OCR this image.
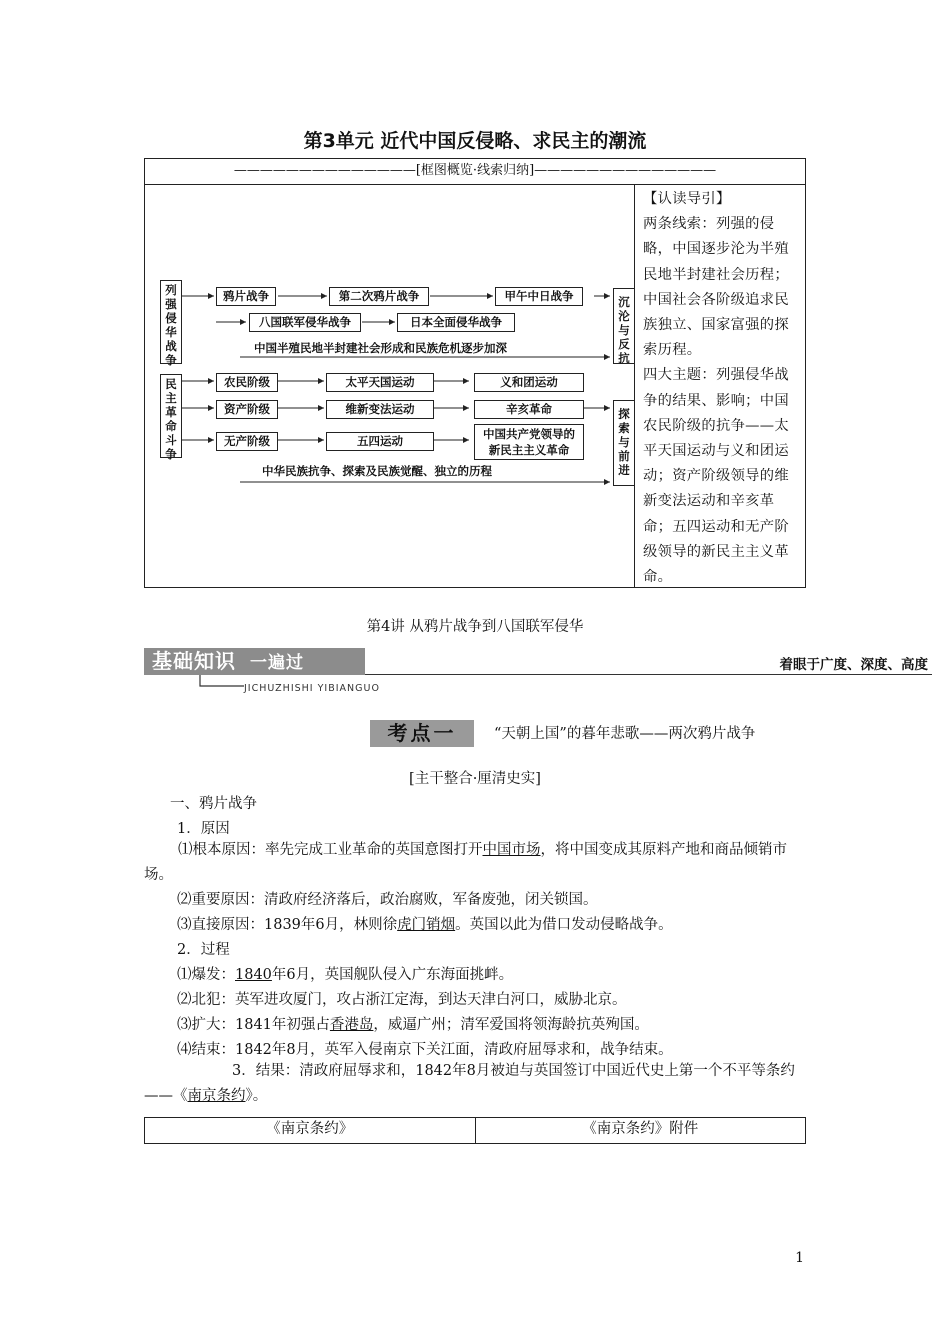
第3单元 近代中国反侵略、求民主的潮流
——————————————[框图概览·线索归纳]——————————————
列强侵华战争
民主革命斗争
沉沦与反抗
探索与前进
鸦片战争	第二次鸦片战争	甲午中日战争
八国联军侵华战争	日本全面侵华战争
中国半殖民地半封建社会形成和民族危机逐步加深
农民阶级
资产阶级
无产阶级
太平天国运动	义和团运动
维新变法运动	辛亥革命
五四运动	中国共产党领导的新民主主义革命
中华民族抗争、探索及民族觉醒、独立的历程

【认读导引】

两条线索：列强的侵略，中国逐步沦为半殖民地半封建社会历程；中国社会各阶级追求民族独立、国家富强的探索历程。

四大主题：列强侵华战争的结果、影响；中国农民阶级的抗争——太平天国运动与义和团运动；资产阶级领导的维新变法运动和辛亥革命；五四运动和无产阶级领导的新民主主义革命。

第4讲 从鸦片战争到八国联军侵华
基础知识 一遍过	着眼于广度、深度、高度
JICHUZHISHI YIBIANGUO
考点一	“天朝上国”的暮年悲歌——两次鸦片战争
[主干整合·厘清史实]
一、鸦片战争
1．原因
⑴根本原因：率先完成工业革命的英国意图打开中国市场，将中国变成其原料产地和商品倾销市场。
⑵重要原因：清政府经济落后，政治腐败，军备废弛，闭关锁国。
⑶直接原因：1839年6月，林则徐虎门销烟。英国以此为借口发动侵略战争。
2．过程
⑴爆发：1840年6月，英国舰队侵入广东海面挑衅。
⑵北犯：英军进攻厦门，攻占浙江定海，到达天津白河口，威胁北京。
⑶扩大：1841年初强占香港岛，威逼广州；清军爱国将领海龄抗英殉国。
⑷结束：1842年8月，英军入侵南京下关江面，清政府屈辱求和，战争结束。
3．结果：清政府屈辱求和，1842年8月被迫与英国签订中国近代史上第一个不平等条约——《南京条约》。
《南京条约》	《南京条约》附件
1
